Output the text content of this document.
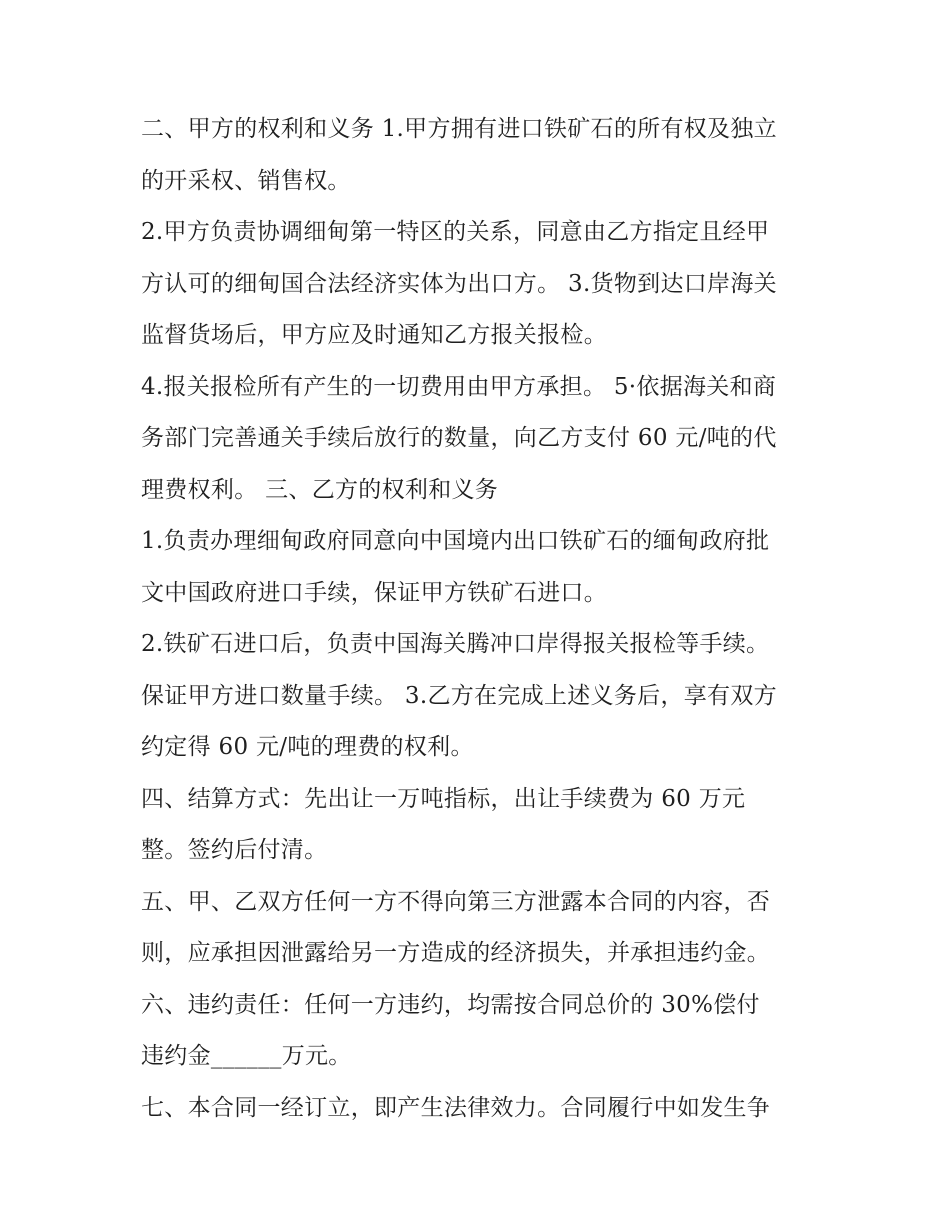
二、甲方的权利和义务 1.甲方拥有进口铁矿石的所有权及独立

的开采权、销售权。

2.甲方负责协调细甸第一特区的关系，同意由乙方指定且经甲

方认可的细甸国合法经济实体为出口方。 3.货物到达口岸海关

监督货场后，甲方应及时通知乙方报关报检。

4.报关报检所有产生的一切费用由甲方承担。 5·依据海关和商

务部门完善通关手续后放行的数量，向乙方支付 60 元/吨的代

理费权利。 三、乙方的权利和义务

1.负责办理细甸政府同意向中国境内出口铁矿石的缅甸政府批

文中国政府进口手续，保证甲方铁矿石进口。

2.铁矿石进口后，负责中国海关腾冲口岸得报关报检等手续。

保证甲方进口数量手续。 3.乙方在完成上述义务后，享有双方

约定得 60 元/吨的理费的权利。

四、结算方式：先出让一万吨指标，出让手续费为 60 万元

整。签约后付清。

五、甲、乙双方任何一方不得向第三方泄露本合同的内容，否

则，应承担因泄露给另一方造成的经济损失，并承担违约金。

六、违约责任：任何一方违约，均需按合同总价的 30%偿付

违约金______万元。

七、本合同一经订立，即产生法律效力。合同履行中如发生争
